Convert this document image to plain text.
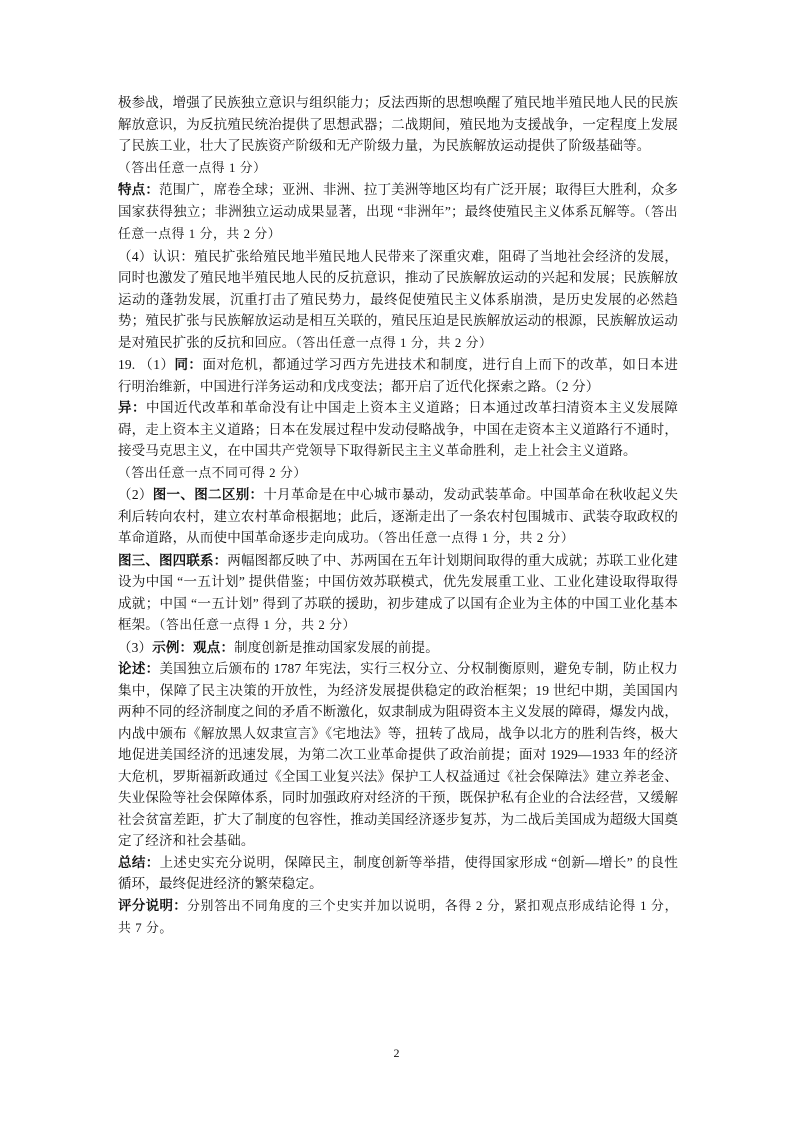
极参战，增强了民族独立意识与组织能力；反法西斯的思想唤醒了殖民地半殖民地人民的民族解放意识，为反抗殖民统治提供了思想武器；二战期间，殖民地为支援战争，一定程度上发展了民族工业，壮大了民族资产阶级和无产阶级力量，为民族解放运动提供了阶级基础等。

（答出任意一点得 1 分）

特点：范围广，席卷全球；亚洲、非洲、拉丁美洲等地区均有广泛开展；取得巨大胜利，众多国家获得独立；非洲独立运动成果显著，出现 “非洲年”；最终使殖民主义体系瓦解等。（答出任意一点得 1 分，共 2 分）

（4）认识：殖民扩张给殖民地半殖民地人民带来了深重灾难，阻碍了当地社会经济的发展，同时也激发了殖民地半殖民地人民的反抗意识，推动了民族解放运动的兴起和发展；民族解放运动的蓬勃发展，沉重打击了殖民势力，最终促使殖民主义体系崩溃，是历史发展的必然趋势；殖民扩张与民族解放运动是相互关联的，殖民压迫是民族解放运动的根源，民族解放运动是对殖民扩张的反抗和回应。（答出任意一点得 1 分，共 2 分）

19. （1）同：面对危机，都通过学习西方先进技术和制度，进行自上而下的改革，如日本进行明治维新，中国进行洋务运动和戊戌变法；都开启了近代化探索之路。（2 分）

异：中国近代改革和革命没有让中国走上资本主义道路；日本通过改革扫清资本主义发展障碍，走上资本主义道路；日本在发展过程中发动侵略战争，中国在走资本主义道路行不通时，接受马克思主义，在中国共产党领导下取得新民主主义革命胜利，走上社会主义道路。

（答出任意一点不同可得 2 分）

（2）图一、图二区别：十月革命是在中心城市暴动，发动武装革命。中国革命在秋收起义失利后转向农村，建立农村革命根据地；此后，逐渐走出了一条农村包围城市、武装夺取政权的革命道路，从而使中国革命逐步走向成功。（答出任意一点得 1 分，共 2 分）

图三、图四联系：两幅图都反映了中、苏两国在五年计划期间取得的重大成就；苏联工业化建设为中国 “一五计划” 提供借鉴；中国仿效苏联模式，优先发展重工业、工业化建设取得取得成就；中国 “一五计划” 得到了苏联的援助，初步建成了以国有企业为主体的中国工业化基本框架。（答出任意一点得 1 分，共 2 分）

（3）示例：观点：制度创新是推动国家发展的前提。

论述：美国独立后颁布的 1787 年宪法，实行三权分立、分权制衡原则，避免专制，防止权力集中，保障了民主决策的开放性，为经济发展提供稳定的政治框架；19 世纪中期，美国国内两种不同的经济制度之间的矛盾不断激化，奴隶制成为阻碍资本主义发展的障碍，爆发内战，内战中颁布《解放黑人奴隶宣言》《宅地法》等，扭转了战局，战争以北方的胜利告终，极大地促进美国经济的迅速发展，为第二次工业革命提供了政治前提；面对 1929—1933 年的经济大危机，罗斯福新政通过《全国工业复兴法》保护工人权益通过《社会保障法》建立养老金、失业保险等社会保障体系，同时加强政府对经济的干预，既保护私有企业的合法经营，又缓解社会贫富差距，扩大了制度的包容性，推动美国经济逐步复苏，为二战后美国成为超级大国奠定了经济和社会基础。

总结：上述史实充分说明，保障民主，制度创新等举措，使得国家形成 “创新—增长” 的良性循环，最终促进经济的繁荣稳定。

评分说明：分别答出不同角度的三个史实并加以说明，各得 2 分，紧扣观点形成结论得 1 分，共 7 分。

2
